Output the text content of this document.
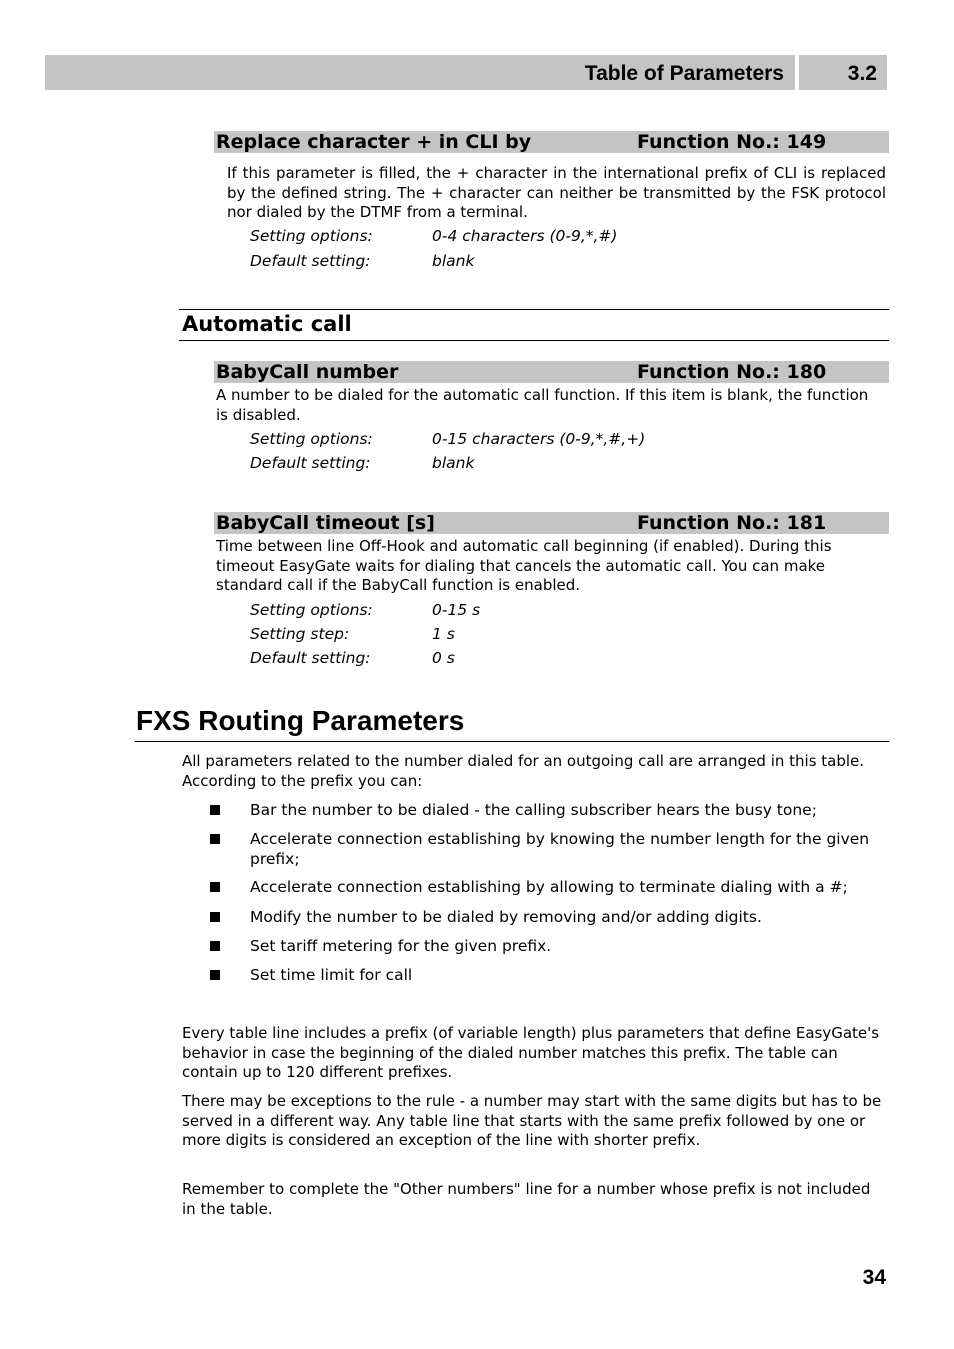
Table of Parameters	3.2
Replace character + in CLI by	Function No.: 149

If this parameter is filled, the + character in the international prefix of CLI is replaced by the defined string. The + character can neither be transmitted by the FSK protocol nor dialed by the DTMF from a terminal.

Setting options:	0-4 characters (0-9,*,#)
Default setting:	blank
Automatic call
BabyCall number	Function No.: 180

A number to be dialed for the automatic call function. If this item is blank, the function is disabled.

Setting options:	0-15 characters (0-9,*,#,+)
Default setting:	blank
BabyCall timeout [s]	Function No.: 181

Time between line Off-Hook and automatic call beginning (if enabled). During this timeout EasyGate waits for dialing that cancels the automatic call. You can make standard call if the BabyCall function is enabled.

Setting options:	0-15 s
Setting step:	1 s
Default setting:	0 s
FXS Routing Parameters

All parameters related to the number dialed for an outgoing call are arranged in this table. According to the prefix you can:

Bar the number to be dialed - the calling subscriber hears the busy tone;

Accelerate connection establishing by knowing the number length for the given prefix;

Accelerate connection establishing by allowing to terminate dialing with a #;

Modify the number to be dialed by removing and/or adding digits.

Set tariff metering for the given prefix.

Set time limit for call

Every table line includes a prefix (of variable length) plus parameters that define EasyGate's behavior in case the beginning of the dialed number matches this prefix. The table can contain up to 120 different prefixes.

There may be exceptions to the rule - a number may start with the same digits but has to be served in a different way. Any table line that starts with the same prefix followed by one or more digits is considered an exception of the line with shorter prefix.

Remember to complete the "Other numbers" line for a number whose prefix is not included in the table.

34
